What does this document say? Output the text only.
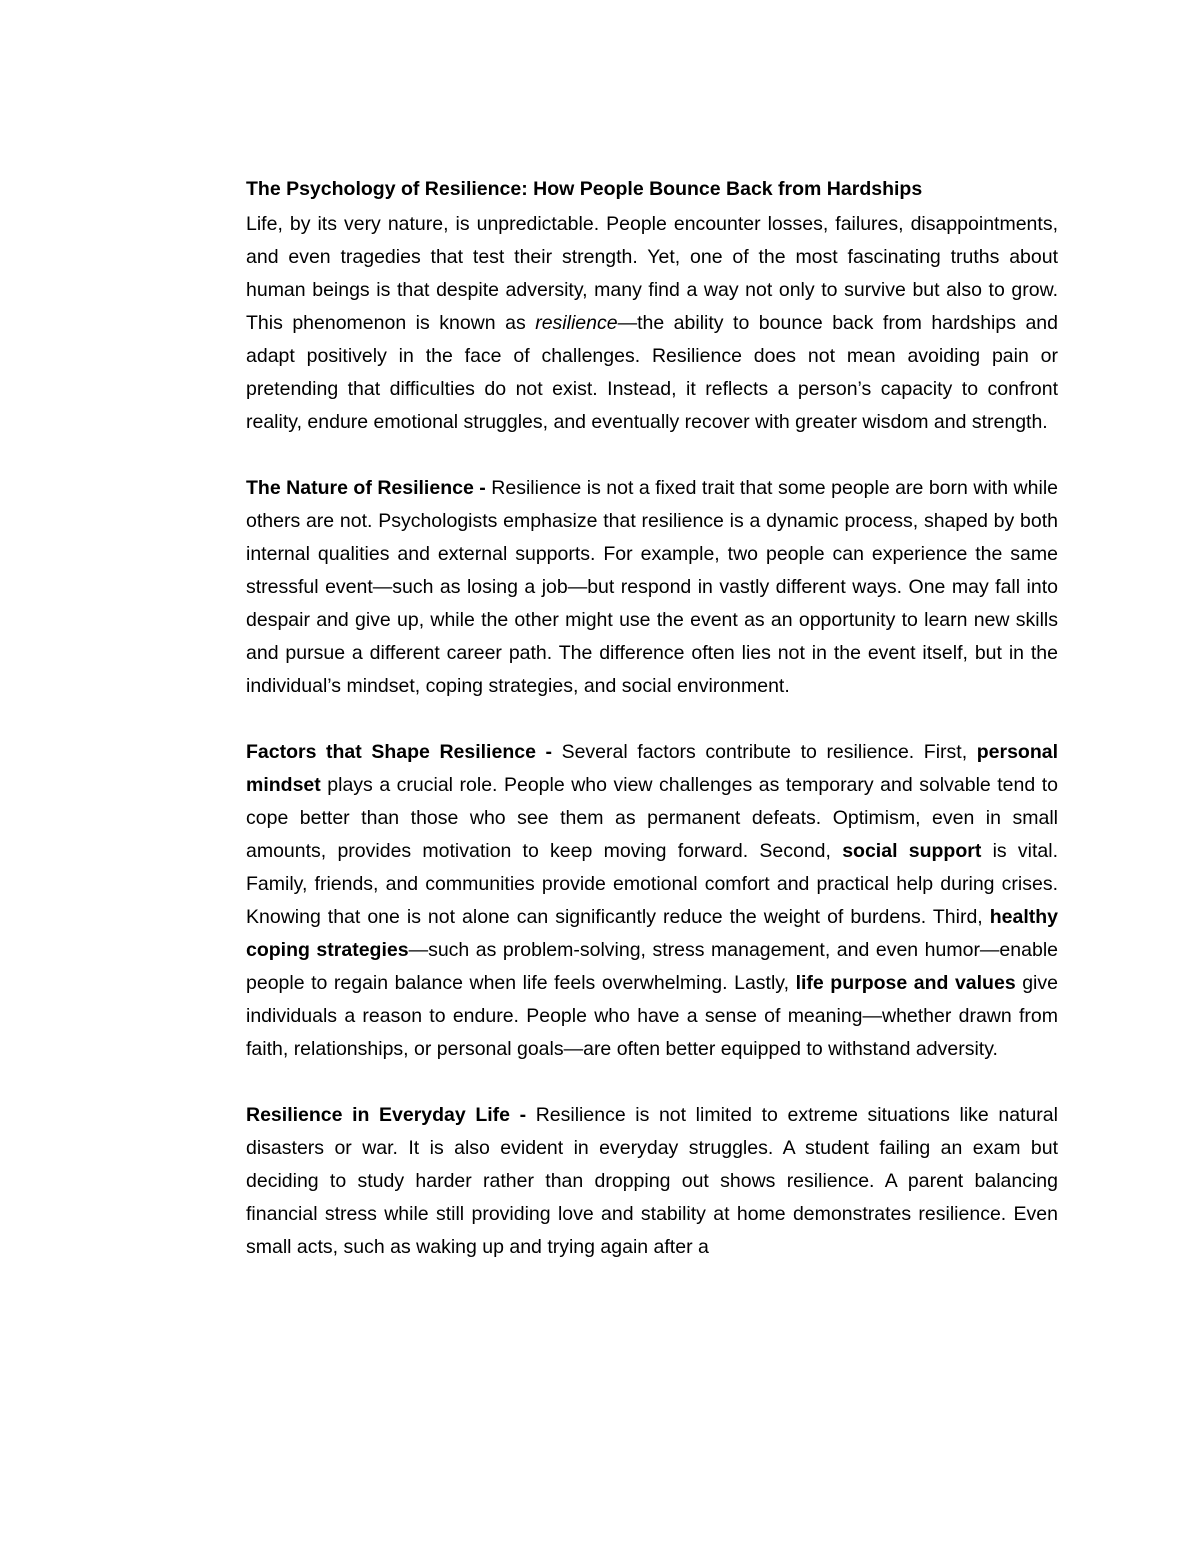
The Psychology of Resilience: How People Bounce Back from Hardships

Life, by its very nature, is unpredictable. People encounter losses, failures, disappointments, and even tragedies that test their strength. Yet, one of the most fascinating truths about human beings is that despite adversity, many find a way not only to survive but also to grow. This phenomenon is known as resilience—the ability to bounce back from hardships and adapt positively in the face of challenges. Resilience does not mean avoiding pain or pretending that difficulties do not exist. Instead, it reflects a person’s capacity to confront reality, endure emotional struggles, and eventually recover with greater wisdom and strength.

The Nature of Resilience - Resilience is not a fixed trait that some people are born with while others are not. Psychologists emphasize that resilience is a dynamic process, shaped by both internal qualities and external supports. For example, two people can experience the same stressful event—such as losing a job—but respond in vastly different ways. One may fall into despair and give up, while the other might use the event as an opportunity to learn new skills and pursue a different career path. The difference often lies not in the event itself, but in the individual’s mindset, coping strategies, and social environment.

Factors that Shape Resilience - Several factors contribute to resilience. First, personal mindset plays a crucial role. People who view challenges as temporary and solvable tend to cope better than those who see them as permanent defeats. Optimism, even in small amounts, provides motivation to keep moving forward. Second, social support is vital. Family, friends, and communities provide emotional comfort and practical help during crises. Knowing that one is not alone can significantly reduce the weight of burdens. Third, healthy coping strategies—such as problem-solving, stress management, and even humor—enable people to regain balance when life feels overwhelming. Lastly, life purpose and values give individuals a reason to endure. People who have a sense of meaning—whether drawn from faith, relationships, or personal goals—are often better equipped to withstand adversity.

Resilience in Everyday Life - Resilience is not limited to extreme situations like natural disasters or war. It is also evident in everyday struggles. A student failing an exam but deciding to study harder rather than dropping out shows resilience. A parent balancing financial stress while still providing love and stability at home demonstrates resilience. Even small acts, such as waking up and trying again after a
